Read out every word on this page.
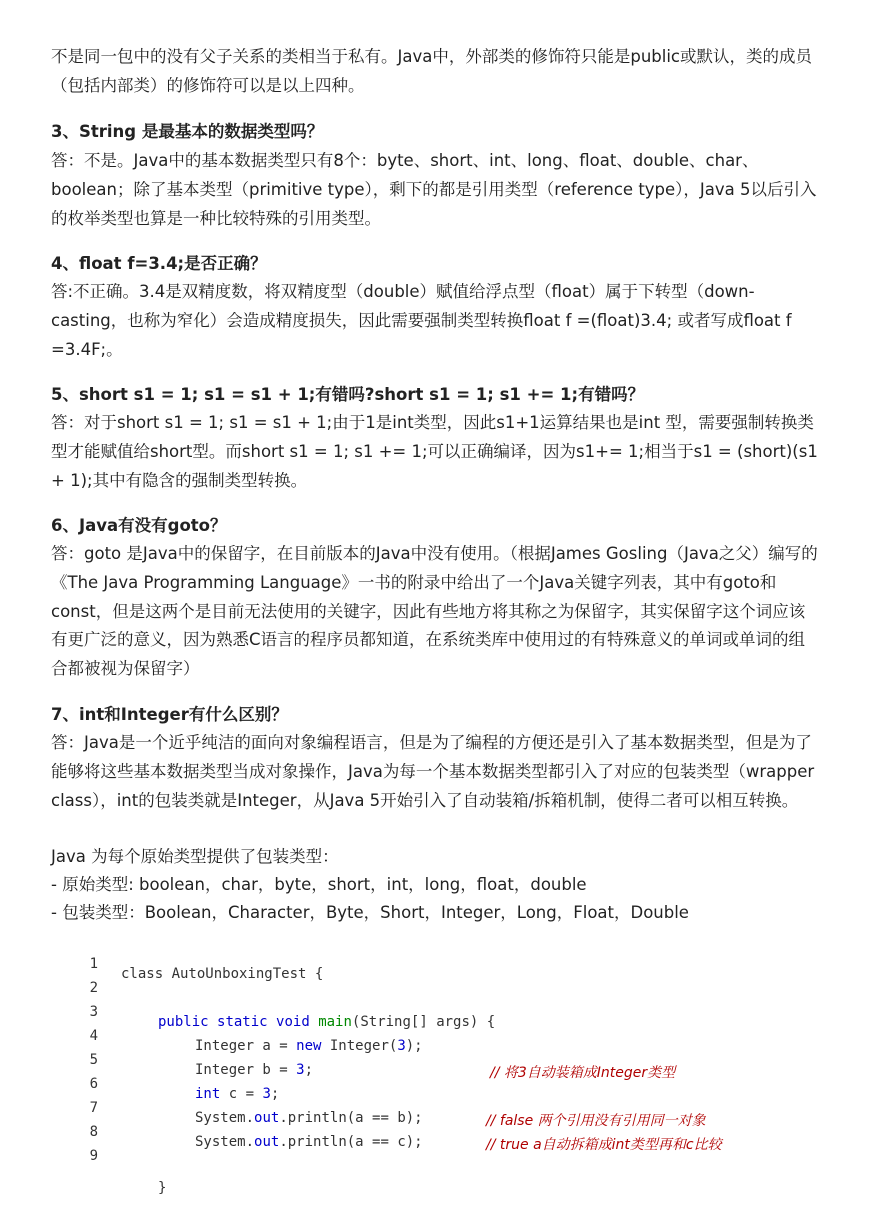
不是同一包中的没有父子关系的类相当于私有。Java中，外部类的修饰符只能是public或默认，类的成员（包括内部类）的修饰符可以是以上四种。

3、String 是最基本的数据类型吗？

答：不是。Java中的基本数据类型只有8个：byte、short、int、long、float、double、char、boolean；除了基本类型（primitive type），剩下的都是引用类型（reference type），Java 5以后引入的枚举类型也算是一种比较特殊的引用类型。

4、float f=3.4;是否正确？

答:不正确。3.4是双精度数，将双精度型（double）赋值给浮点型（float）属于下转型（down-casting，也称为窄化）会造成精度损失，因此需要强制类型转换float f =(float)3.4; 或者写成float f =3.4F;。

5、short s1 = 1; s1 = s1 + 1;有错吗?short s1 = 1; s1 += 1;有错吗？

答：对于short s1 = 1; s1 = s1 + 1;由于1是int类型，因此s1+1运算结果也是int 型，需要强制转换类型才能赋值给short型。而short s1 = 1; s1 += 1;可以正确编译，因为s1+= 1;相当于s1 = (short)(s1 + 1);其中有隐含的强制类型转换。

6、Java有没有goto？

答：goto 是Java中的保留字，在目前版本的Java中没有使用。（根据James Gosling（Java之父）编写的《The Java Programming Language》一书的附录中给出了一个Java关键字列表，其中有goto和const，但是这两个是目前无法使用的关键字，因此有些地方将其称之为保留字，其实保留字这个词应该有更广泛的意义，因为熟悉C语言的程序员都知道，在系统类库中使用过的有特殊意义的单词或单词的组合都被视为保留字）

7、int和Integer有什么区别？

答：Java是一个近乎纯洁的面向对象编程语言，但是为了编程的方便还是引入了基本数据类型，但是为了能够将这些基本数据类型当成对象操作，Java为每一个基本数据类型都引入了对应的包装类型（wrapper class），int的包装类就是Integer，从Java 5开始引入了自动装箱/拆箱机制，使得二者可以相互转换。

Java 为每个原始类型提供了包装类型：
- 原始类型: boolean，char，byte，short，int，long，float，double
- 包装类型：Boolean，Character，Byte，Short，Integer，Long，Float，Double
1
2
3
4
5
6
7
8
9
class AutoUnboxingTest {
public static void main(String[] args) {
Integer a = new Integer(3);
Integer b = 3;	// 将3自动装箱成Integer类型
int c = 3;
System.out.println(a == b);	// false 两个引用没有引用同一对象
System.out.println(a == c);	// true a自动拆箱成int类型再和c比较
}
